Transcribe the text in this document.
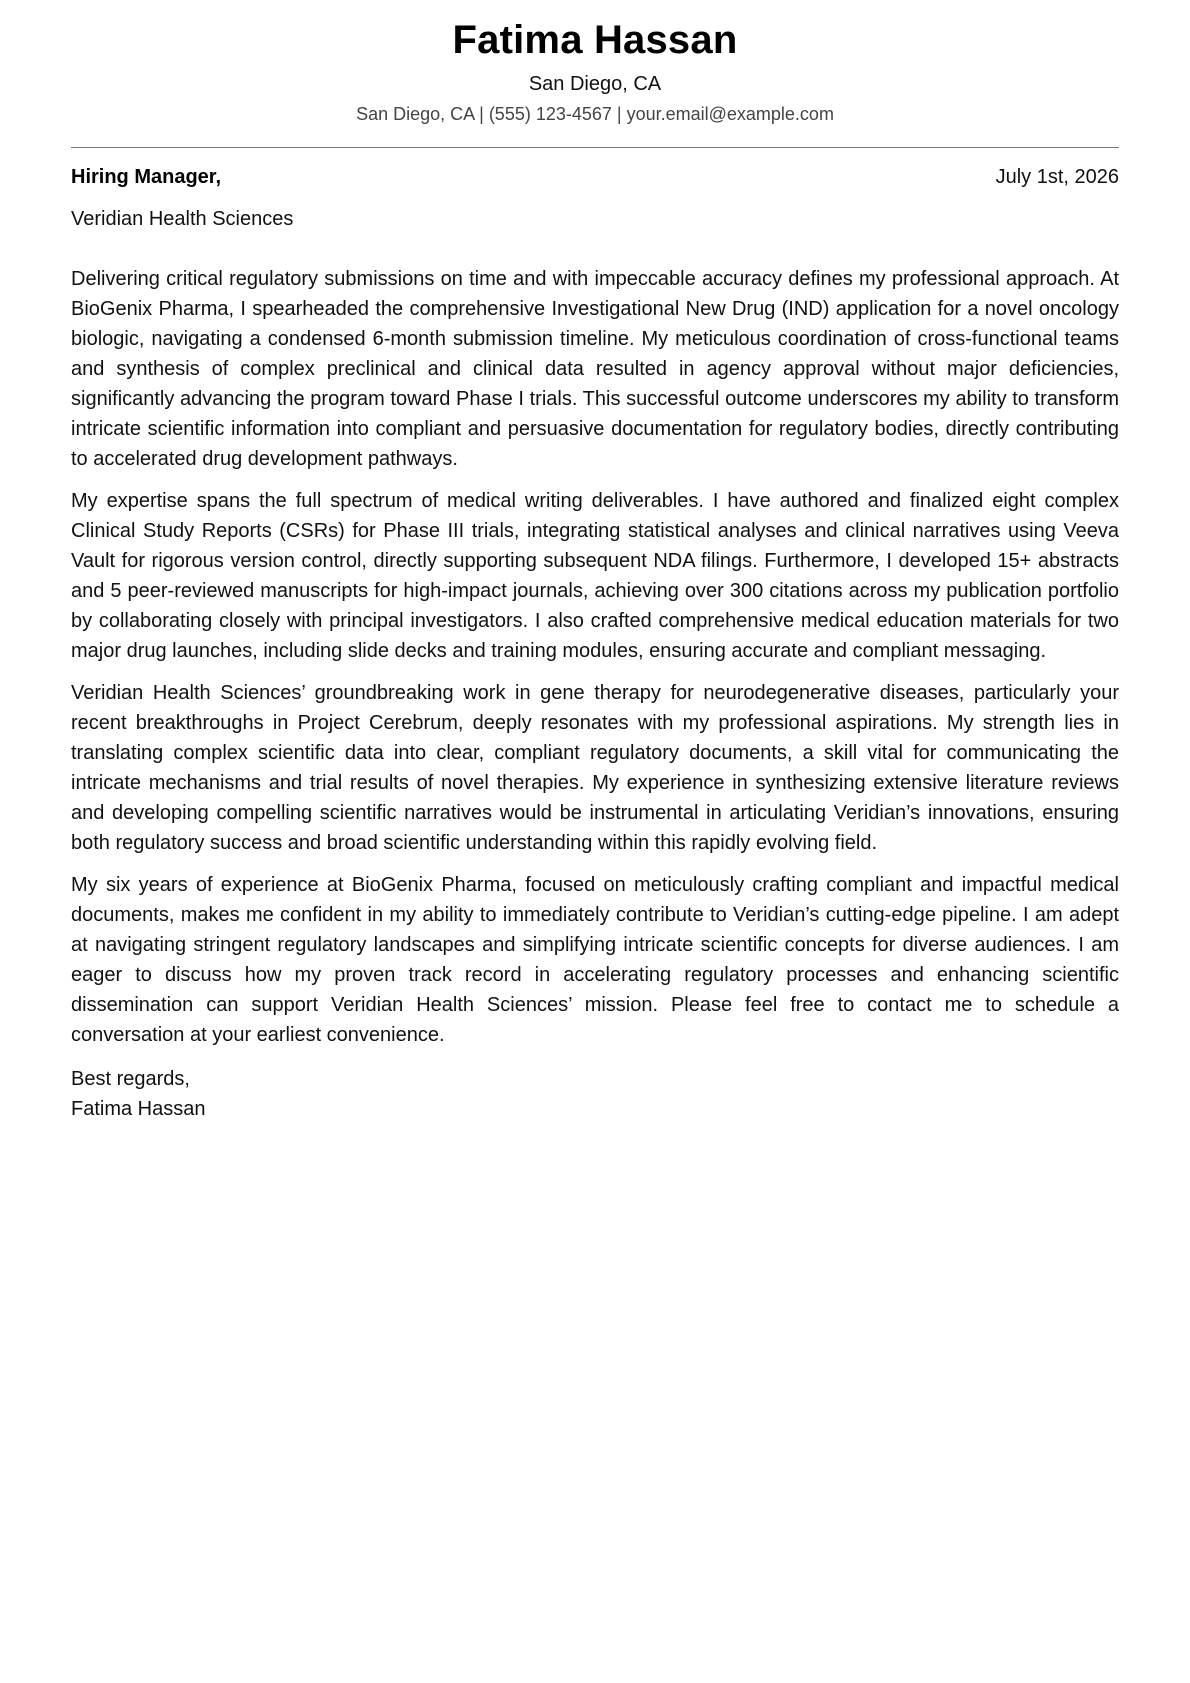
Fatima Hassan
San Diego, CA
San Diego, CA | (555) 123-4567 | your.email@example.com
Hiring Manager,	July 1st, 2026
Veridian Health Sciences

Delivering critical regulatory submissions on time and with impeccable accuracy defines my professional approach. At BioGenix Pharma, I spearheaded the comprehensive Investigational New Drug (IND) application for a novel oncology biologic, navigating a condensed 6-month submission timeline. My meticulous coordination of cross-functional teams and synthesis of complex preclinical and clinical data resulted in agency approval without major deficiencies, significantly advancing the program toward Phase I trials. This successful outcome underscores my ability to transform intricate scientific information into compliant and persuasive documentation for regulatory bodies, directly contributing to accelerated drug development pathways.

My expertise spans the full spectrum of medical writing deliverables. I have authored and finalized eight complex Clinical Study Reports (CSRs) for Phase III trials, integrating statistical analyses and clinical narratives using Veeva Vault for rigorous version control, directly supporting subsequent NDA filings. Furthermore, I developed 15+ abstracts and 5 peer-reviewed manuscripts for high-impact journals, achieving over 300 citations across my publication portfolio by collaborating closely with principal investigators. I also crafted comprehensive medical education materials for two major drug launches, including slide decks and training modules, ensuring accurate and compliant messaging.

Veridian Health Sciences’ groundbreaking work in gene therapy for neurodegenerative diseases, particularly your recent breakthroughs in Project Cerebrum, deeply resonates with my professional aspirations. My strength lies in translating complex scientific data into clear, compliant regulatory documents, a skill vital for communicating the intricate mechanisms and trial results of novel therapies. My experience in synthesizing extensive literature reviews and developing compelling scientific narratives would be instrumental in articulating Veridian’s innovations, ensuring both regulatory success and broad scientific understanding within this rapidly evolving field.

My six years of experience at BioGenix Pharma, focused on meticulously crafting compliant and impactful medical documents, makes me confident in my ability to immediately contribute to Veridian’s cutting-edge pipeline. I am adept at navigating stringent regulatory landscapes and simplifying intricate scientific concepts for diverse audiences. I am eager to discuss how my proven track record in accelerating regulatory processes and enhancing scientific dissemination can support Veridian Health Sciences’ mission. Please feel free to contact me to schedule a conversation at your earliest convenience.

Best regards,
Fatima Hassan
